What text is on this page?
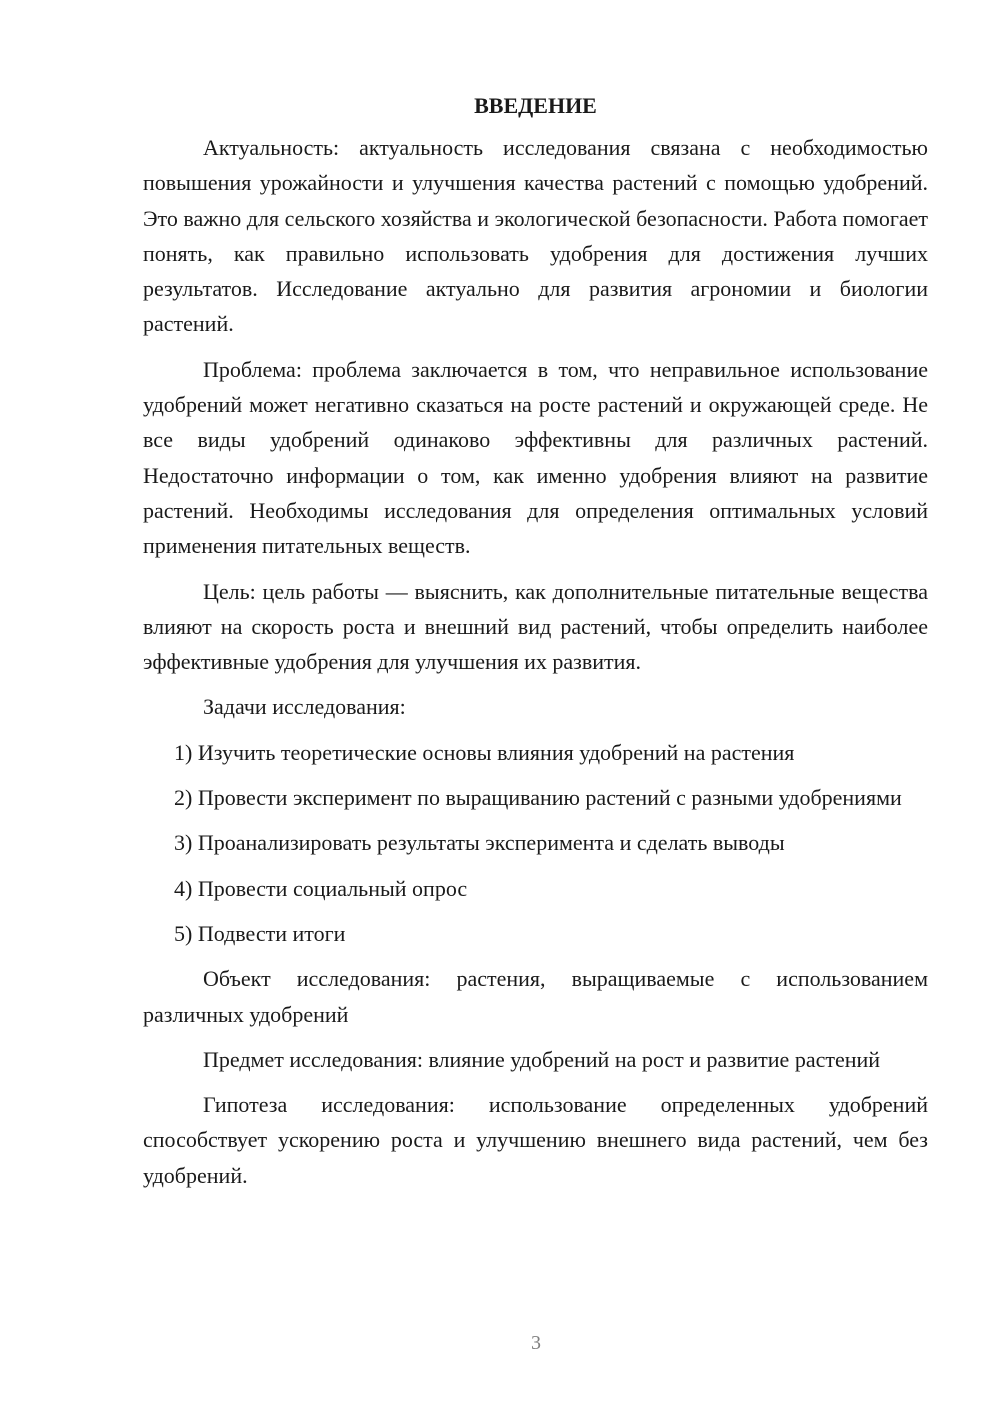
ВВЕДЕНИЕ

Актуальность: актуальность исследования связана с необходимостью повышения урожайности и улучшения качества растений с помощью удобрений. Это важно для сельского хозяйства и экологической безопасности. Работа помогает понять, как правильно использовать удобрения для достижения лучших результатов. Исследование актуально для развития агрономии и биологии растений.

Проблема: проблема заключается в том, что неправильное использование удобрений может негативно сказаться на росте растений и окружающей среде. Не все виды удобрений одинаково эффективны для различных растений. Недостаточно информации о том, как именно удобрения влияют на развитие растений. Необходимы исследования для определения оптимальных условий применения питательных веществ.

Цель: цель работы — выяснить, как дополнительные питательные вещества влияют на скорость роста и внешний вид растений, чтобы определить наиболее эффективные удобрения для улучшения их развития.

Задачи исследования:

1) Изучить теоретические основы влияния удобрений на растения

2) Провести эксперимент по выращиванию растений с разными удобрениями

3) Проанализировать результаты эксперимента и сделать выводы

4) Провести социальный опрос

5) Подвести итоги

Объект исследования: растения, выращиваемые с использованием различных удобрений

Предмет исследования: влияние удобрений на рост и развитие растений

Гипотеза исследования: использование определенных удобрений способствует ускорению роста и улучшению внешнего вида растений, чем без удобрений.

3
